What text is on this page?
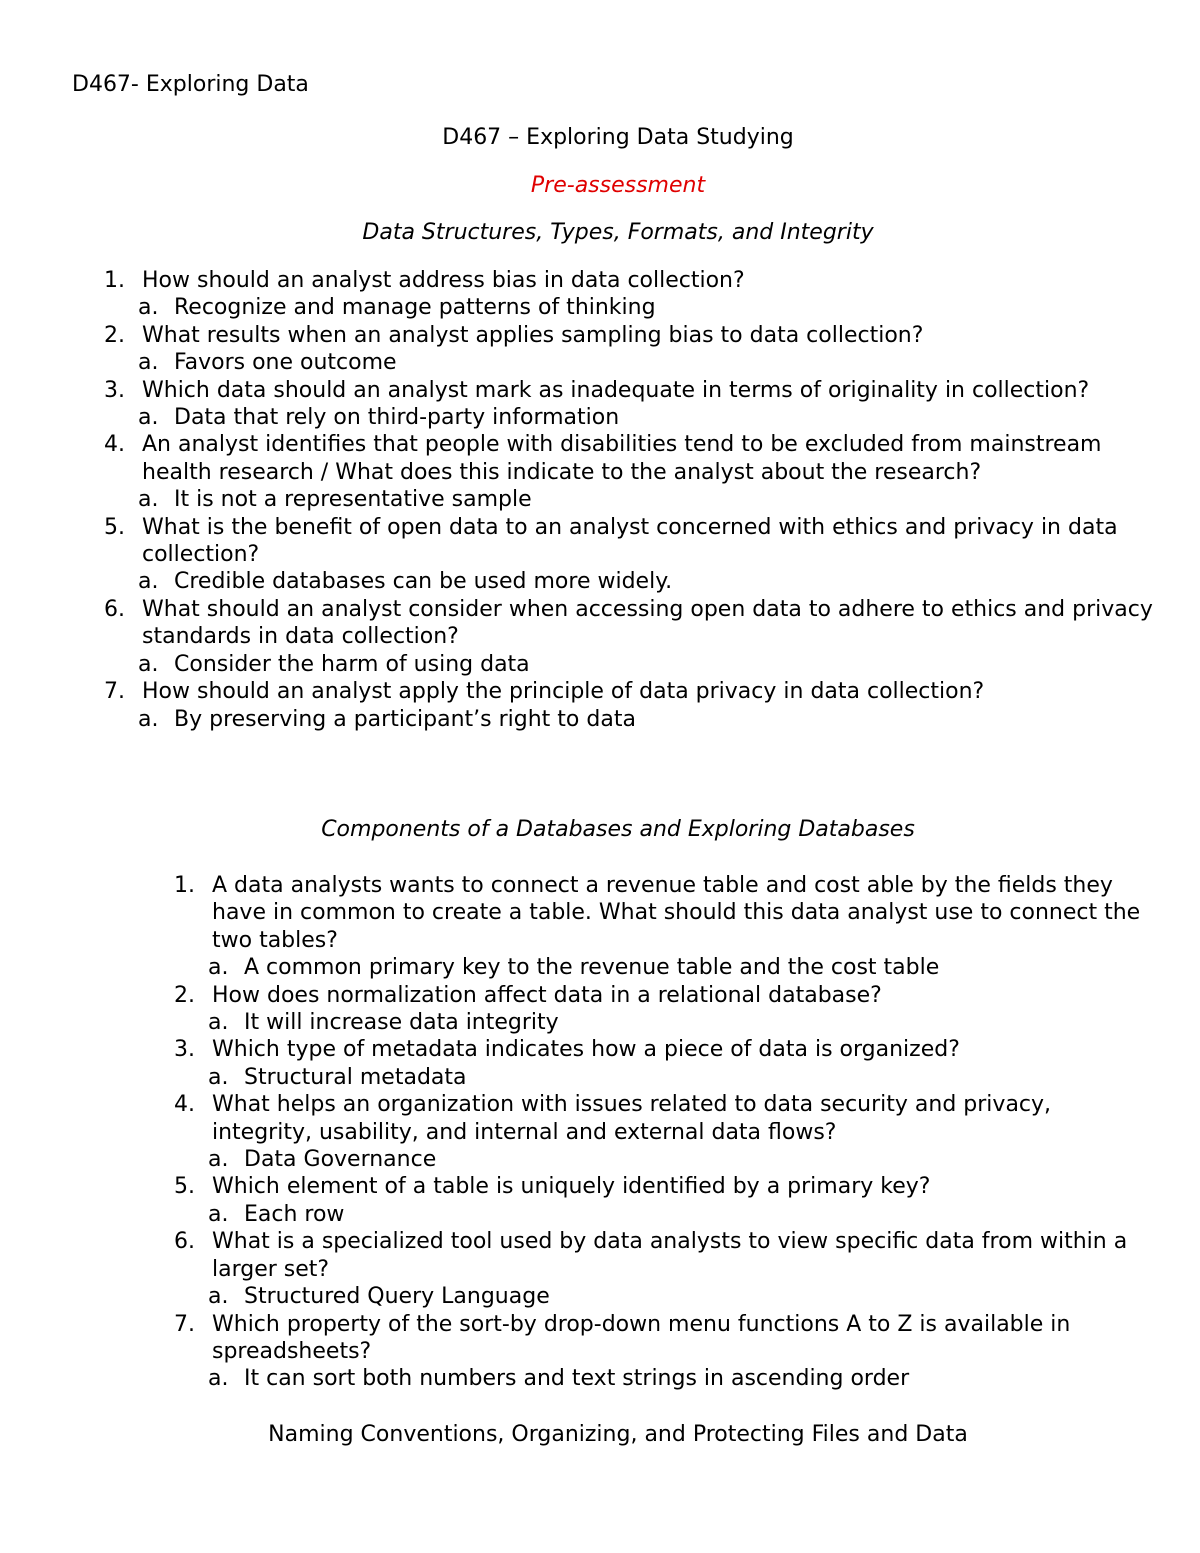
D467- Exploring Data
D467 – Exploring Data Studying
Pre-assessment
Data Structures, Types, Formats, and Integrity
1. How should an analyst address bias in data collection?
a. Recognize and manage patterns of thinking
2. What results when an analyst applies sampling bias to data collection?
a. Favors one outcome
3. Which data should an analyst mark as inadequate in terms of originality in collection?
a. Data that rely on third-party information
4. An analyst identifies that people with disabilities tend to be excluded from mainstream health research / What does this indicate to the analyst about the research?
a. It is not a representative sample
5. What is the benefit of open data to an analyst concerned with ethics and privacy in data collection?
a. Credible databases can be used more widely.
6. What should an analyst consider when accessing open data to adhere to ethics and privacy standards in data collection?
a. Consider the harm of using data
7. How should an analyst apply the principle of data privacy in data collection?
a. By preserving a participant’s right to data
Components of a Databases and Exploring Databases
1. A data analysts wants to connect a revenue table and cost able by the fields they have in common to create a table. What should this data analyst use to connect the two tables?
a. A common primary key to the revenue table and the cost table
2. How does normalization affect data in a relational database?
a. It will increase data integrity
3. Which type of metadata indicates how a piece of data is organized?
a. Structural metadata
4. What helps an organization with issues related to data security and privacy, integrity, usability, and internal and external data flows?
a. Data Governance
5. Which element of a table is uniquely identified by a primary key?
a. Each row
6. What is a specialized tool used by data analysts to view specific data from within a larger set?
a. Structured Query Language
7. Which property of the sort-by drop-down menu functions A to Z is available in spreadsheets?
a. It can sort both numbers and text strings in ascending order
Naming Conventions, Organizing, and Protecting Files and Data
